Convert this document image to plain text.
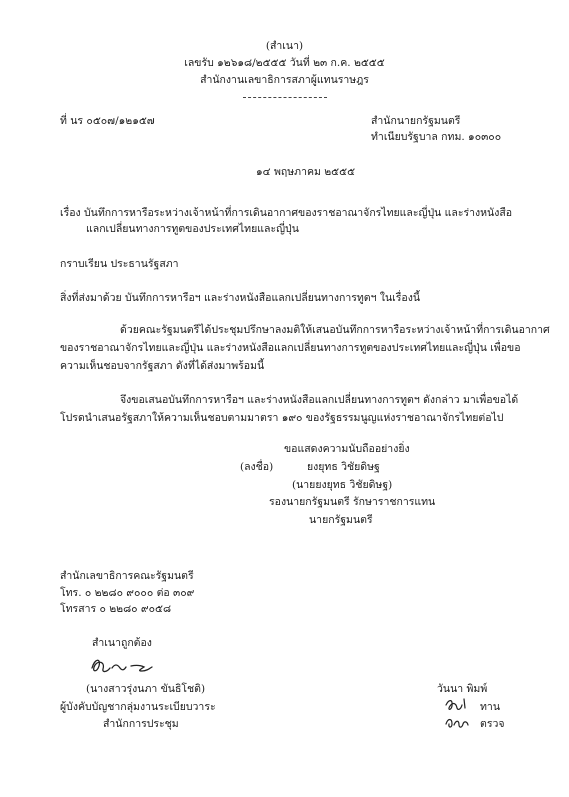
(สำเนา)
เลขรับ ๑๒๖๑๘/๒๕๕๕ วันที่ ๒๓ ก.ค. ๒๕๕๕
สำนักงานเลขาธิการสภาผู้แทนราษฎร
ที่ นร ๐๕๐๗/๑๒๑๕๗	สำนักนายกรัฐมนตรี
ทำเนียบรัฐบาล กทม. ๑๐๓๐๐
๑๔ พฤษภาคม ๒๕๕๕
เรื่อง บันทึกการหารือระหว่างเจ้าหน้าที่การเดินอากาศของราชอาณาจักรไทยและญี่ปุ่น และร่างหนังสือ
แลกเปลี่ยนทางการทูตของประเทศไทยและญี่ปุ่น
กราบเรียน ประธานรัฐสภา
สิ่งที่ส่งมาด้วย บันทึกการหารือฯ และร่างหนังสือแลกเปลี่ยนทางการทูตฯ ในเรื่องนี้
ด้วยคณะรัฐมนตรีได้ประชุมปรึกษาลงมติให้เสนอบันทึกการหารือระหว่างเจ้าหน้าที่การเดินอากาศ
ของราชอาณาจักรไทยและญี่ปุ่น และร่างหนังสือแลกเปลี่ยนทางการทูตของประเทศไทยและญี่ปุ่น เพื่อขอ
ความเห็นชอบจากรัฐสภา ดังที่ได้ส่งมาพร้อมนี้
จึงขอเสนอบันทึกการหารือฯ และร่างหนังสือแลกเปลี่ยนทางการทูตฯ ดังกล่าว มาเพื่อขอได้
โปรดนำเสนอรัฐสภาให้ความเห็นชอบตามมาตรา ๑๙๐ ของรัฐธรรมนูญแห่งราชอาณาจักรไทยต่อไป
ขอแสดงความนับถืออย่างยิ่ง
(ลงชื่อ)	ยงยุทธ วิชัยดิษฐ
(นายยงยุทธ วิชัยดิษฐ)
รองนายกรัฐมนตรี รักษาราชการแทน
นายกรัฐมนตรี
สำนักเลขาธิการคณะรัฐมนตรี
โทร. ๐ ๒๒๘๐ ๙๐๐๐ ต่อ ๓๐๙
โทรสาร ๐ ๒๒๘๐ ๙๐๕๘
สำเนาถูกต้อง
(นางสาวรุ่งนภา ขันธิโชติ)
ผู้บังคับบัญชากลุ่มงานระเบียบวาระ
สำนักการประชุม
วันนา พิมพ์
ทาน
ตรวจ
